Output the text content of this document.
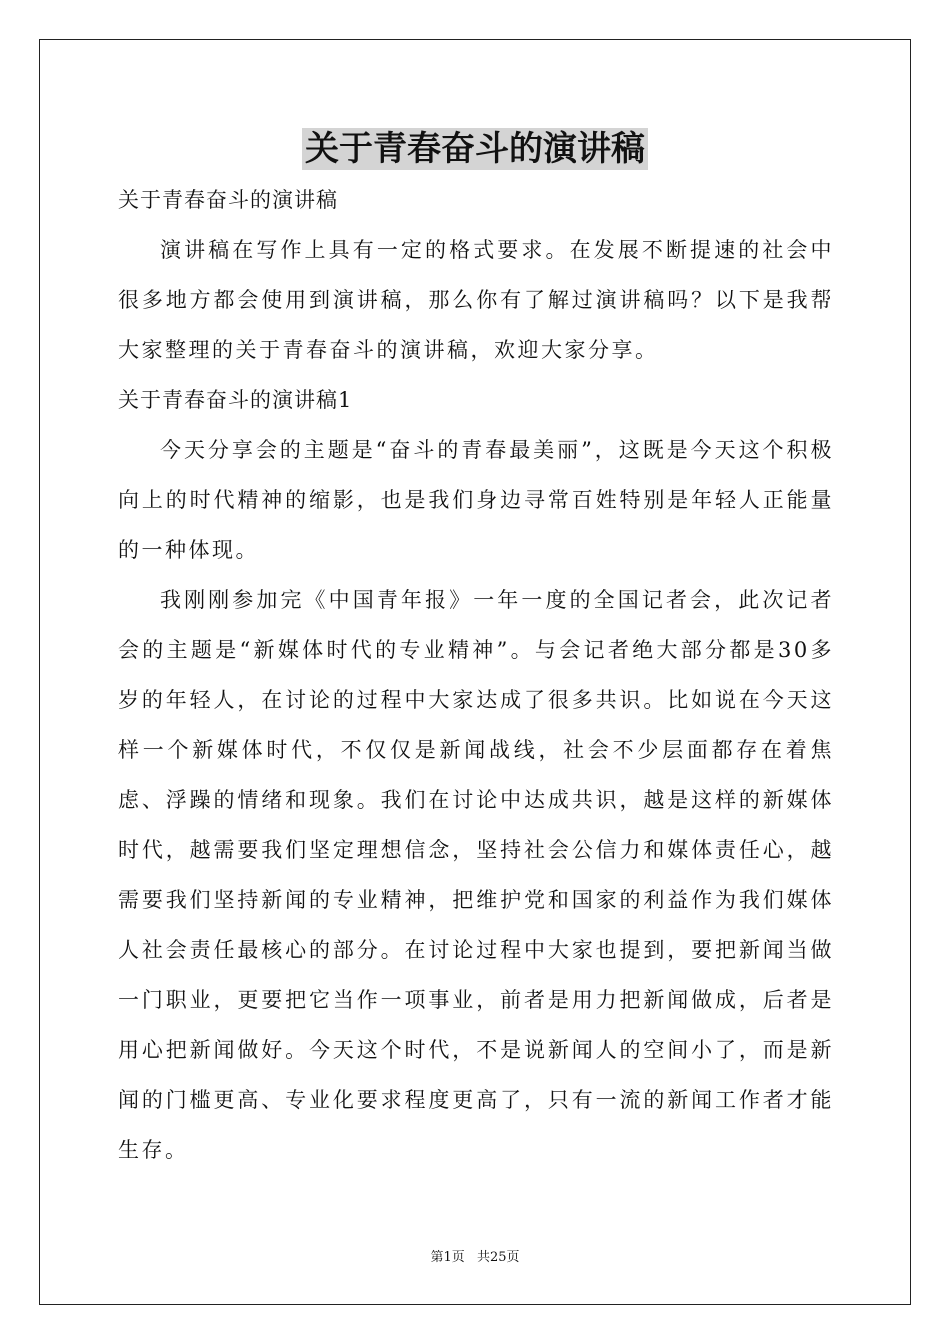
关于青春奋斗的演讲稿

关于青春奋斗的演讲稿

演讲稿在写作上具有一定的格式要求。在发展不断提速的社会中很多地方都会使用到演讲稿，那么你有了解过演讲稿吗？以下是我帮大家整理的关于青春奋斗的演讲稿，欢迎大家分享。

关于青春奋斗的演讲稿1

今天分享会的主题是“奋斗的青春最美丽”，这既是今天这个积极向上的时代精神的缩影，也是我们身边寻常百姓特别是年轻人正能量的一种体现。

我刚刚参加完《中国青年报》一年一度的全国记者会，此次记者会的主题是“新媒体时代的专业精神”。与会记者绝大部分都是30多岁的年轻人，在讨论的过程中大家达成了很多共识。比如说在今天这样一个新媒体时代，不仅仅是新闻战线，社会不少层面都存在着焦虑、浮躁的情绪和现象。我们在讨论中达成共识，越是这样的新媒体时代，越需要我们坚定理想信念，坚持社会公信力和媒体责任心，越需要我们坚持新闻的专业精神，把维护党和国家的利益作为我们媒体人社会责任最核心的部分。在讨论过程中大家也提到，要把新闻当做一门职业，更要把它当作一项事业，前者是用力把新闻做成，后者是用心把新闻做好。今天这个时代，不是说新闻人的空间小了，而是新闻的门槛更高、专业化要求程度更高了，只有一流的新闻工作者才能生存。

第1页 共25页
